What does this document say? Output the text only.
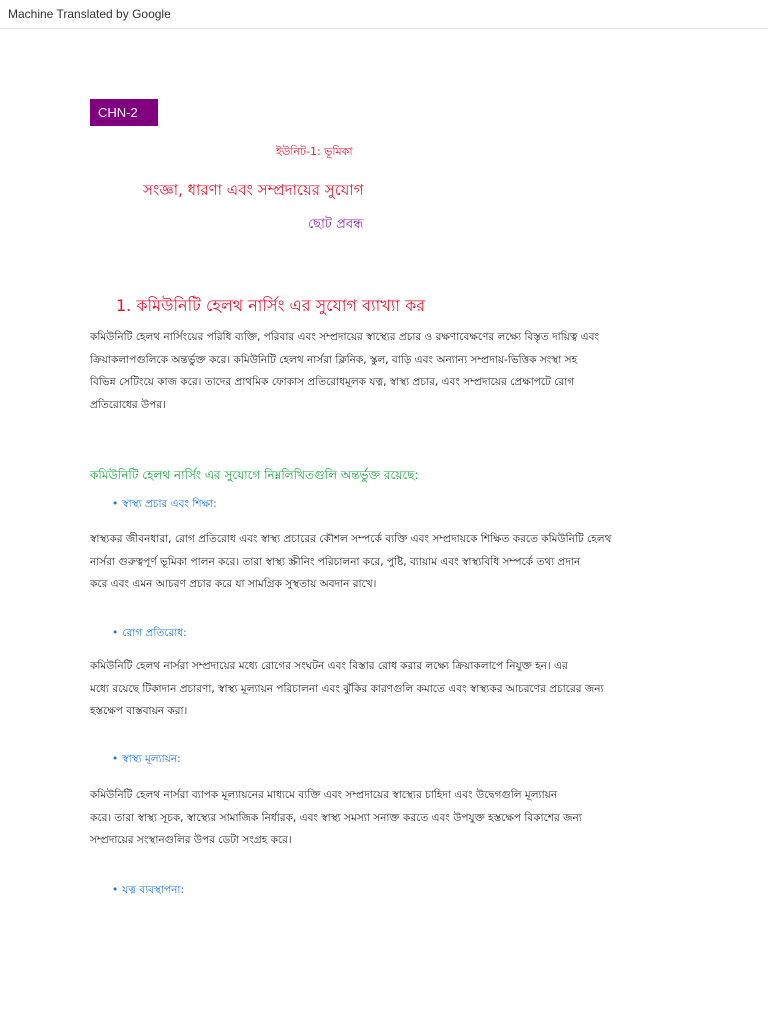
Machine Translated by Google
CHN-2
ইউনিট-1: ভূমিকা
সংজ্ঞা, ধারণা এবং সম্প্রদায়ের সুযোগ
ছোট প্রবন্ধ
1. কমিউনিটি হেলথ নার্সিং এর সুযোগ ব্যাখ্যা কর
কমিউনিটি হেলথ নার্সিংয়ের পরিধি ব্যক্তি, পরিবার এবং সম্প্রদায়ের স্বাস্থ্যের প্রচার ও রক্ষণাবেক্ষণের লক্ষ্যে বিস্তৃত দায়িত্ব এবং
ক্রিয়াকলাপগুলিকে অন্তর্ভুক্ত করে। কমিউনিটি হেলথ নার্সরা ক্লিনিক, স্কুল, বাড়ি এবং অন্যান্য সম্প্রদায়-ভিত্তিক সংস্থা সহ
বিভিন্ন সেটিংয়ে কাজ করে। তাদের প্রাথমিক ফোকাস প্রতিরোধমূলক যত্ন, স্বাস্থ্য প্রচার, এবং সম্প্রদায়ের প্রেক্ষাপটে রোগ
প্রতিরোধের উপর।
কমিউনিটি হেলথ নার্সিং এর সুযোগে নিম্নলিখিতগুলি অন্তর্ভুক্ত রয়েছে:
• স্বাস্থ্য প্রচার এবং শিক্ষা:
স্বাস্থ্যকর জীবনধারা, রোগ প্রতিরোধ এবং স্বাস্থ্য প্রচারের কৌশল সম্পর্কে ব্যক্তি এবং সম্প্রদায়কে শিক্ষিত করতে কমিউনিটি হেলথ
নার্সরা গুরুত্বপূর্ণ ভূমিকা পালন করে। তারা স্বাস্থ্য স্ক্রীনিং পরিচালনা করে, পুষ্টি, ব্যায়াম এবং স্বাস্থ্যবিধি সম্পর্কে তথ্য প্রদান
করে এবং এমন আচরণ প্রচার করে যা সামগ্রিক সুস্থতায় অবদান রাখে।
• রোগ প্রতিরোধ:
কমিউনিটি হেলথ নার্সরা সম্প্রদায়ের মধ্যে রোগের সংঘটন এবং বিস্তার রোধ করার লক্ষ্যে ক্রিয়াকলাপে নিযুক্ত হন। এর
মধ্যে রয়েছে টিকাদান প্রচারণা, স্বাস্থ্য মূল্যায়ন পরিচালনা এবং ঝুঁকির কারণগুলি কমাতে এবং স্বাস্থ্যকর আচরণের প্রচারের জন্য
হস্তক্ষেপ বাস্তবায়ন করা।
• স্বাস্থ্য মূল্যায়ন:
কমিউনিটি হেলথ নার্সরা ব্যাপক মূল্যায়নের মাধ্যমে ব্যক্তি এবং সম্প্রদায়ের স্বাস্থ্যের চাহিদা এবং উদ্বেগগুলি মূল্যায়ন
করে। তারা স্বাস্থ্য সূচক, স্বাস্থ্যের সামাজিক নির্ধারক, এবং স্বাস্থ্য সমস্যা সনাক্ত করতে এবং উপযুক্ত হস্তক্ষেপ বিকাশের জন্য
সম্প্রদায়ের সংস্থানগুলির উপর ডেটা সংগ্রহ করে।
• যত্ন ব্যবস্থাপনা:
